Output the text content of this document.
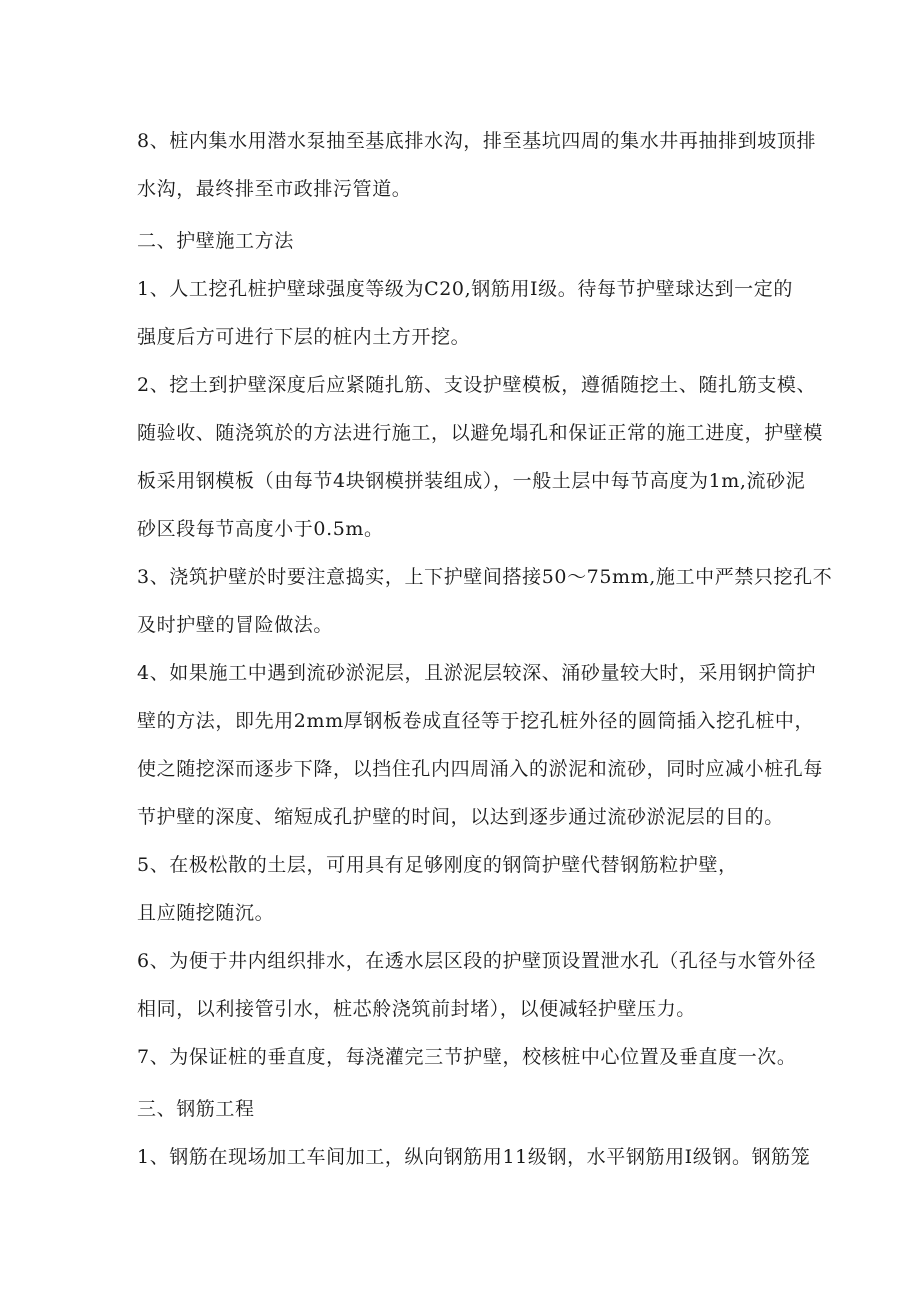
8、桩内集水用潜水泵抽至基底排水沟，排至基坑四周的集水井再抽排到坡顶排
水沟，最终排至市政排污管道。
二、护壁施工方法
1、人工挖孔桩护壁球强度等级为C20,钢筋用Ⅰ级。待每节护壁球达到一定的
强度后方可进行下层的桩内土方开挖。
2、挖土到护壁深度后应紧随扎筋、支设护壁模板，遵循随挖土、随扎筋支模、
随验收、随浇筑於的方法进行施工，以避免塌孔和保证正常的施工进度，护壁模
板采用钢模板（由每节4块钢模拼装组成），一般土层中每节高度为1m,流砂泥
砂区段每节高度小于0.5m。
3、浇筑护壁於时要注意捣实，上下护壁间搭接50～75mm,施工中严禁只挖孔不
及时护壁的冒险做法。
4、如果施工中遇到流砂淤泥层，且淤泥层较深、涌砂量较大时，采用钢护筒护
壁的方法，即先用2mm厚钢板卷成直径等于挖孔桩外径的圆筒插入挖孔桩中，
使之随挖深而逐步下降，以挡住孔内四周涌入的淤泥和流砂，同时应减小桩孔每
节护壁的深度、缩短成孔护壁的时间，以达到逐步通过流砂淤泥层的目的。
5、在极松散的土层，可用具有足够刚度的钢筒护壁代替钢筋粒护壁，
且应随挖随沉。
6、为便于井内组织排水，在透水层区段的护壁顶设置泄水孔（孔径与水管外径
相同，以利接管引水，桩芯舲浇筑前封堵），以便减轻护壁压力。
7、为保证桩的垂直度，每浇灌完三节护壁，校核桩中心位置及垂直度一次。
三、钢筋工程
1、钢筋在现场加工车间加工，纵向钢筋用11级钢，水平钢筋用Ⅰ级钢。钢筋笼
